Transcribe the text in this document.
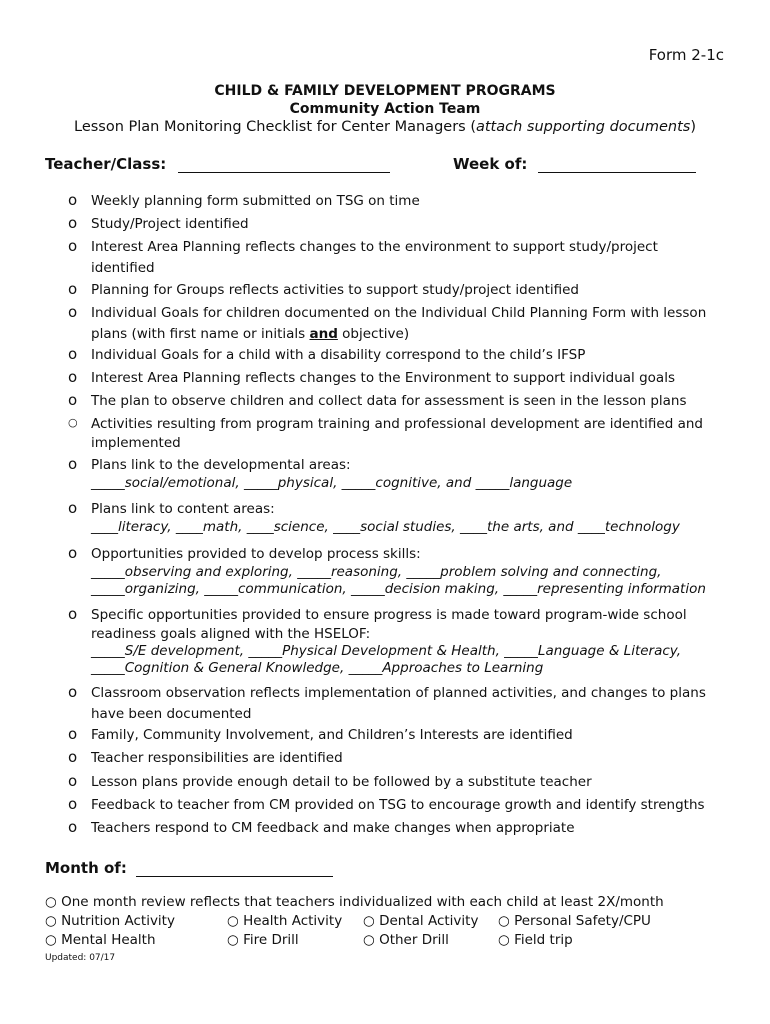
Form 2-1c
CHILD & FAMILY DEVELOPMENT PROGRAMS
Community Action Team
Lesson Plan Monitoring Checklist for Center Managers (attach supporting documents)
Teacher/Class:	Week of:
o Weekly planning form submitted on TSG on time
o Study/Project identified
o Interest Area Planning reflects changes to the environment to support study/project
identified
o Planning for Groups reflects activities to support study/project identified
o Individual Goals for children documented on the Individual Child Planning Form with lesson
plans (with first name or initials and objective)
o Individual Goals for a child with a disability correspond to the child’s IFSP
o Interest Area Planning reflects changes to the Environment to support individual goals
o The plan to observe children and collect data for assessment is seen in the lesson plans
○ Activities resulting from program training and professional development are identified and
implemented
o Plans link to the developmental areas:
_____social/emotional, _____physical, _____cognitive, and _____language
o Plans link to content areas:
____literacy, ____math, ____science, ____social studies, ____the arts, and ____technology
o Opportunities provided to develop process skills:
_____observing and exploring, _____reasoning, _____problem solving and connecting,
_____organizing, _____communication, _____decision making, _____representing information
o Specific opportunities provided to ensure progress is made toward program-wide school
readiness goals aligned with the HSELOF:
_____S/E development, _____Physical Development & Health, _____Language & Literacy,
_____Cognition & General Knowledge, _____Approaches to Learning
o Classroom observation reflects implementation of planned activities, and changes to plans
have been documented
o Family, Community Involvement, and Children’s Interests are identified
o Teacher responsibilities are identified
o Lesson plans provide enough detail to be followed by a substitute teacher
o Feedback to teacher from CM provided on TSG to encourage growth and identify strengths
o Teachers respond to CM feedback and make changes when appropriate
Month of:
○ One month review reflects that teachers individualized with each child at least 2X/month
○ Nutrition Activity	○ Health Activity ○ Dental Activity ○ Personal Safety/CPU
○ Mental Health	○ Fire Drill	○ Other Drill	○ Field trip
Updated: 07/17
